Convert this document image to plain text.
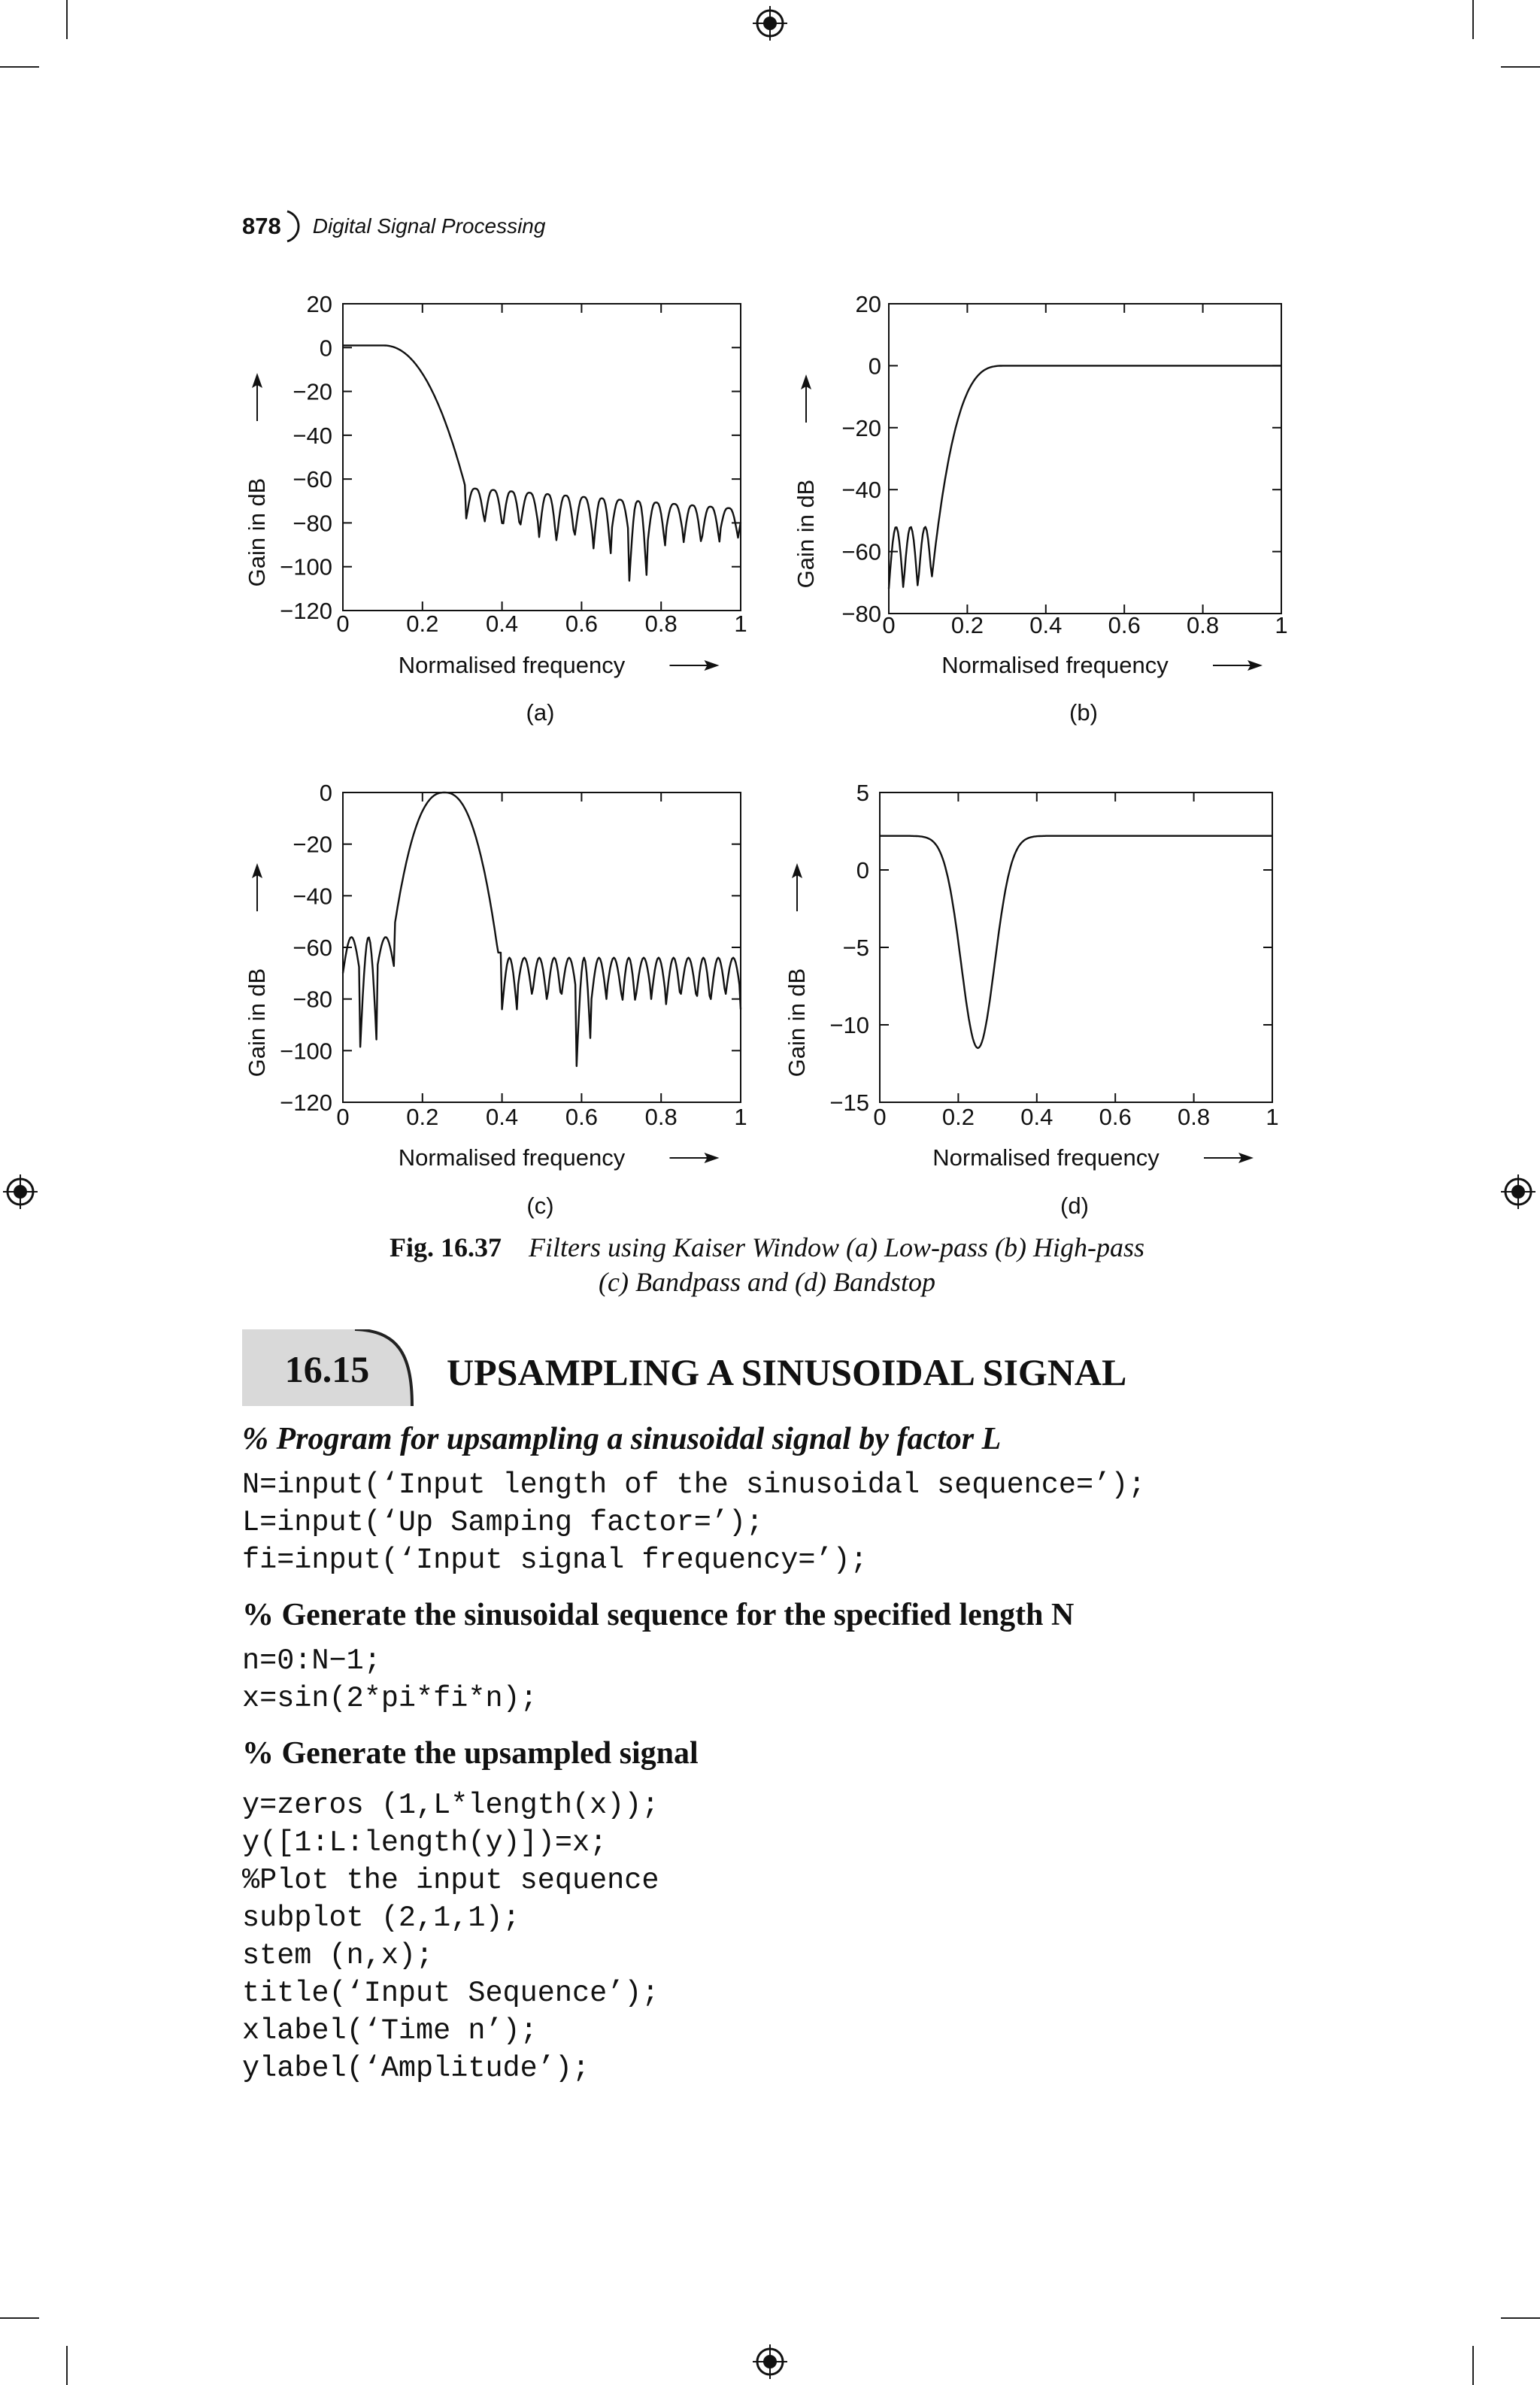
878 Digital Signal Processing
20
0
−20
−40
−60
−80
−100
−120 0 0.2 0.4 0.6 0.8 1
Normalised frequency
Gain in dB
(a)
20
0
−20
−40
−60
−80 0 0.2 0.4 0.6 0.8 1
Normalised frequency
Gain in dB
(b)
0
−20
−40
−60
−80
−100
−120
0 0.2 0.4 0.6 0.8 1
Normalised frequency
Gain in dB
(c)
5
0
−5
−10
−15
0 0.2 0.4 0.6 0.8 1
Normalised frequency
Gain in dB
(d)
Fig. 16.37 Filters using Kaiser Window (a) Low-pass (b) High-pass
(c) Bandpass and (d) Bandstop
16.15	UPSAMPLING A SINUSOIDAL SIGNAL
% Program for upsampling a sinusoidal signal by factor L
N=input(‘Input length of the sinusoidal sequence=’);
L=input(‘Up Samping factor=’);
fi=input(‘Input signal frequency=’);
% Generate the sinusoidal sequence for the specified length N
n=0:N−1;
x=sin(2*pi*fi*n);
% Generate the upsampled signal
y=zeros (1,L*length(x));
y([1:L:length(y)])=x;
%Plot the input sequence
subplot (2,1,1);
stem (n,x);
title(‘Input Sequence’);
xlabel(‘Time n’);
ylabel(‘Amplitude’);
